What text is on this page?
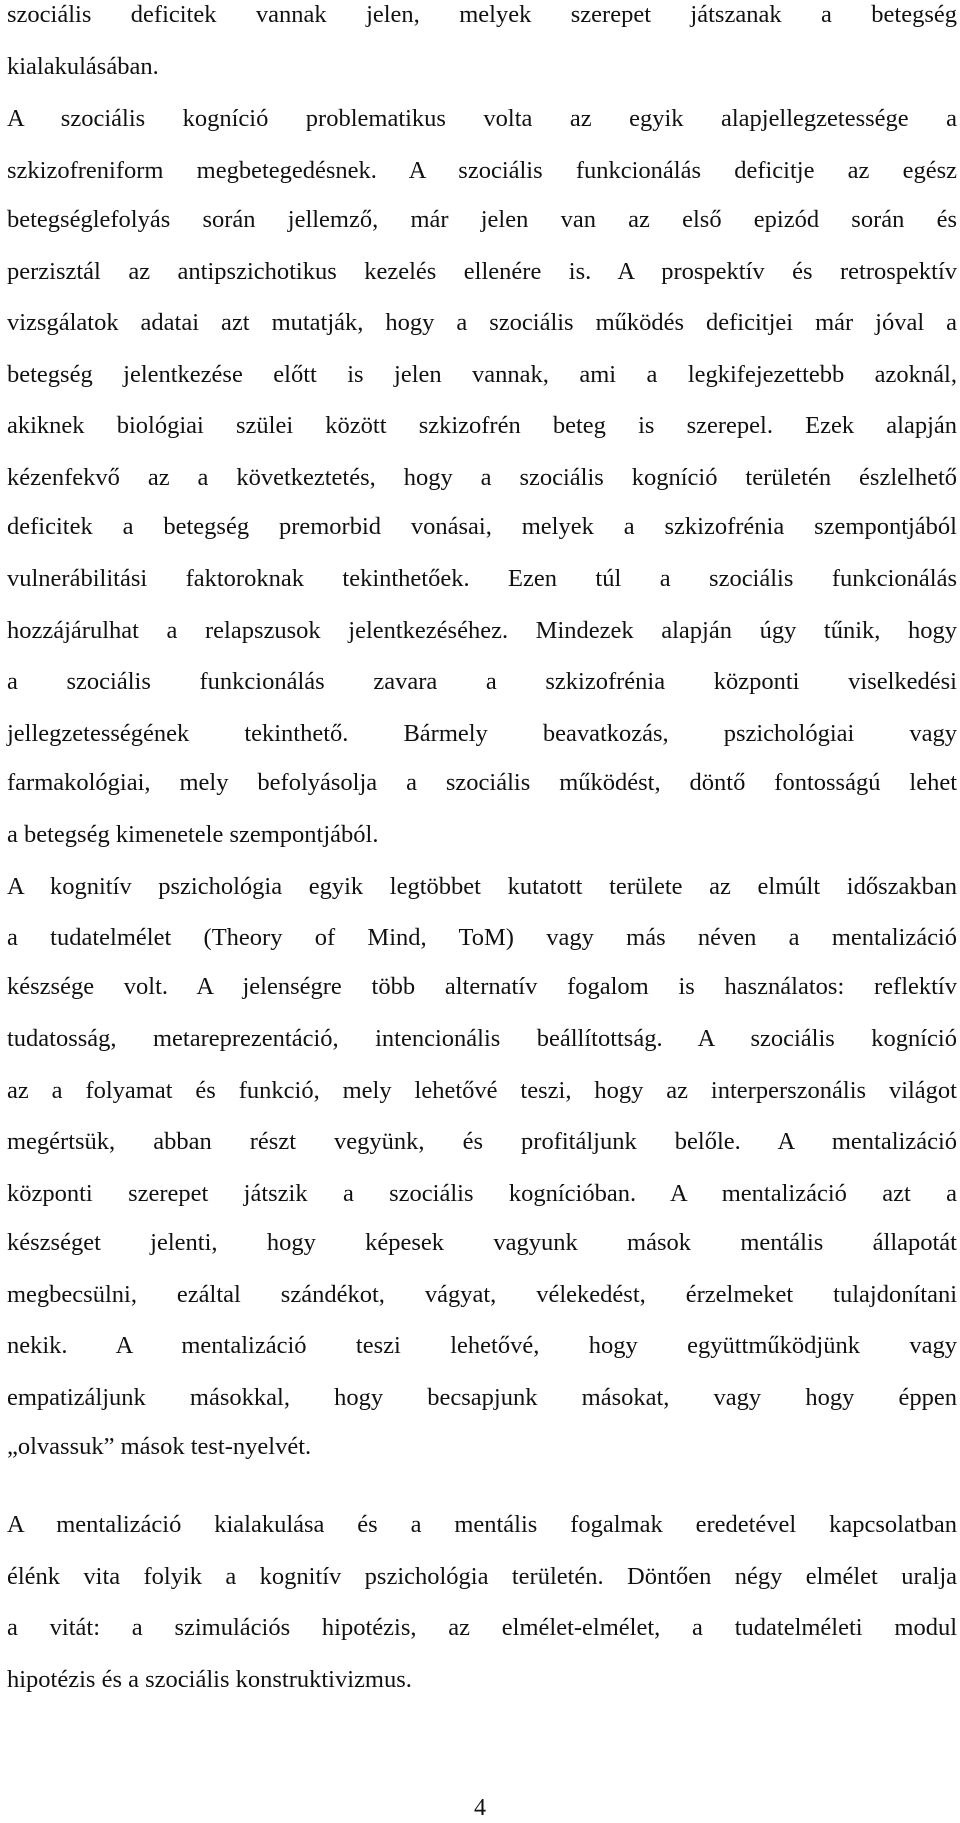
szociális deficitek vannak jelen, melyek szerepet játszanak a betegség
kialakulásában.
A szociális kogníció problematikus volta az egyik alapjellegzetessége a
szkizofreniform megbetegedésnek. A szociális funkcionálás deficitje az egész
betegséglefolyás során jellemző, már jelen van az első epizód során és
perzisztál az antipszichotikus kezelés ellenére is. A prospektív és retrospektív
vizsgálatok adatai azt mutatják, hogy a szociális működés deficitjei már jóval a
betegség jelentkezése előtt is jelen vannak, ami a legkifejezettebb azoknál,
akiknek biológiai szülei között szkizofrén beteg is szerepel. Ezek alapján
kézenfekvő az a következtetés, hogy a szociális kogníció területén észlelhető
deficitek a betegség premorbid vonásai, melyek a szkizofrénia szempontjából
vulnerábilitási faktoroknak tekinthetőek. Ezen túl a szociális funkcionálás
hozzájárulhat a relapszusok jelentkezéséhez. Mindezek alapján úgy tűnik, hogy
a szociális funkcionálás zavara a szkizofrénia központi viselkedési
jellegzetességének tekinthető. Bármely beavatkozás, pszichológiai vagy
farmakológiai, mely befolyásolja a szociális működést, döntő fontosságú lehet
a betegség kimenetele szempontjából.
A kognitív pszichológia egyik legtöbbet kutatott területe az elmúlt időszakban
a tudatelmélet (Theory of Mind, ToM) vagy más néven a mentalizáció
készsége volt. A jelenségre több alternatív fogalom is használatos: reflektív
tudatosság, metareprezentáció, intencionális beállítottság. A szociális kogníció
az a folyamat és funkció, mely lehetővé teszi, hogy az interperszonális világot
megértsük, abban részt vegyünk, és profitáljunk belőle. A mentalizáció
központi szerepet játszik a szociális kognícióban. A mentalizáció azt a
készséget jelenti, hogy képesek vagyunk mások mentális állapotát
megbecsülni, ezáltal szándékot, vágyat, vélekedést, érzelmeket tulajdonítani
nekik. A mentalizáció teszi lehetővé, hogy együttműködjünk vagy
empatizáljunk másokkal, hogy becsapjunk másokat, vagy hogy éppen
„olvassuk” mások test-nyelvét.
A mentalizáció kialakulása és a mentális fogalmak eredetével kapcsolatban
élénk vita folyik a kognitív pszichológia területén. Döntően négy elmélet uralja
a vitát: a szimulációs hipotézis, az elmélet-elmélet, a tudatelméleti modul
hipotézis és a szociális konstruktivizmus.
4
